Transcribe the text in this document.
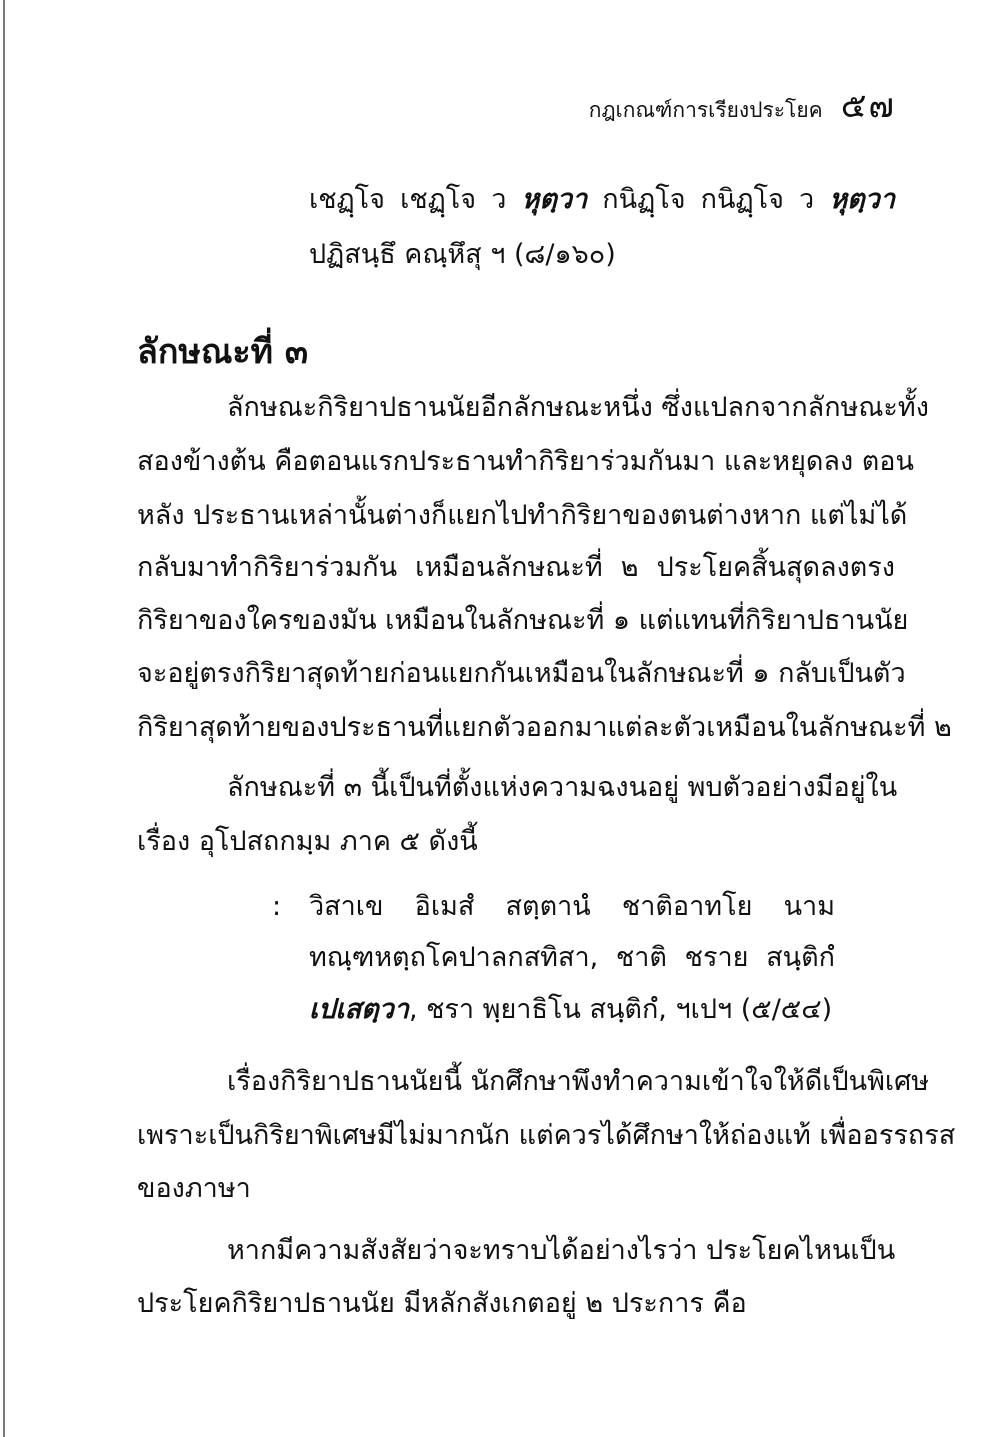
กฎเกณฑ์การเรียงประโยค ๕๗
เชฏฺโจ เชฏฺโจ ว หุตฺวา กนิฏฺโจ กนิฏฺโจ ว หุตฺวา
ปฏิสนฺธึ คณฺหึสุ ฯ (๘/๑๖๐)
ลักษณะที่ ๓
ลักษณะกิริยาปธานนัยอีกลักษณะหนึ่ง ซึ่งแปลกจากลักษณะทั้ง
สองข้างต้น คือตอนแรกประธานทำกิริยาร่วมกันมา และหยุดลง ตอน
หลัง ประธานเหล่านั้นต่างก็แยกไปทำกิริยาของตนต่างหาก แต่ไม่ได้
กลับมาทำกิริยาร่วมกัน เหมือนลักษณะที่ ๒ ประโยคสิ้นสุดลงตรง
กิริยาของใครของมัน เหมือนในลักษณะที่ ๑ แต่แทนที่กิริยาปธานนัย
จะอยู่ตรงกิริยาสุดท้ายก่อนแยกกันเหมือนในลักษณะที่ ๑ กลับเป็นตัว
กิริยาสุดท้ายของประธานที่แยกตัวออกมาแต่ละตัวเหมือนในลักษณะที่ ๒
ลักษณะที่ ๓ นี้เป็นที่ตั้งแห่งความฉงนอยู่ พบตัวอย่างมีอยู่ใน
เรื่อง อุโปสถกมฺม ภาค ๕ ดังนี้
: วิสาเข อิเมสํ สตฺตานํ ชาติอาทโย นาม
ทณฺฑหตฺถโคปาลกสทิสา, ชาติ ชราย สนฺติกํ
เปเสตฺวา, ชรา พฺยาธิโน สนฺติกํ, ฯเปฯ (๕/๕๔)
เรื่องกิริยาปธานนัยนี้ นักศึกษาพึงทำความเข้าใจให้ดีเป็นพิเศษ
เพราะเป็นกิริยาพิเศษมีไม่มากนัก แต่ควรได้ศึกษาให้ถ่องแท้ เพื่ออรรถรส
ของภาษา
หากมีความสังสัยว่าจะทราบได้อย่างไรว่า ประโยคไหนเป็น
ประโยคกิริยาปธานนัย มีหลักสังเกตอยู่ ๒ ประการ คือ
